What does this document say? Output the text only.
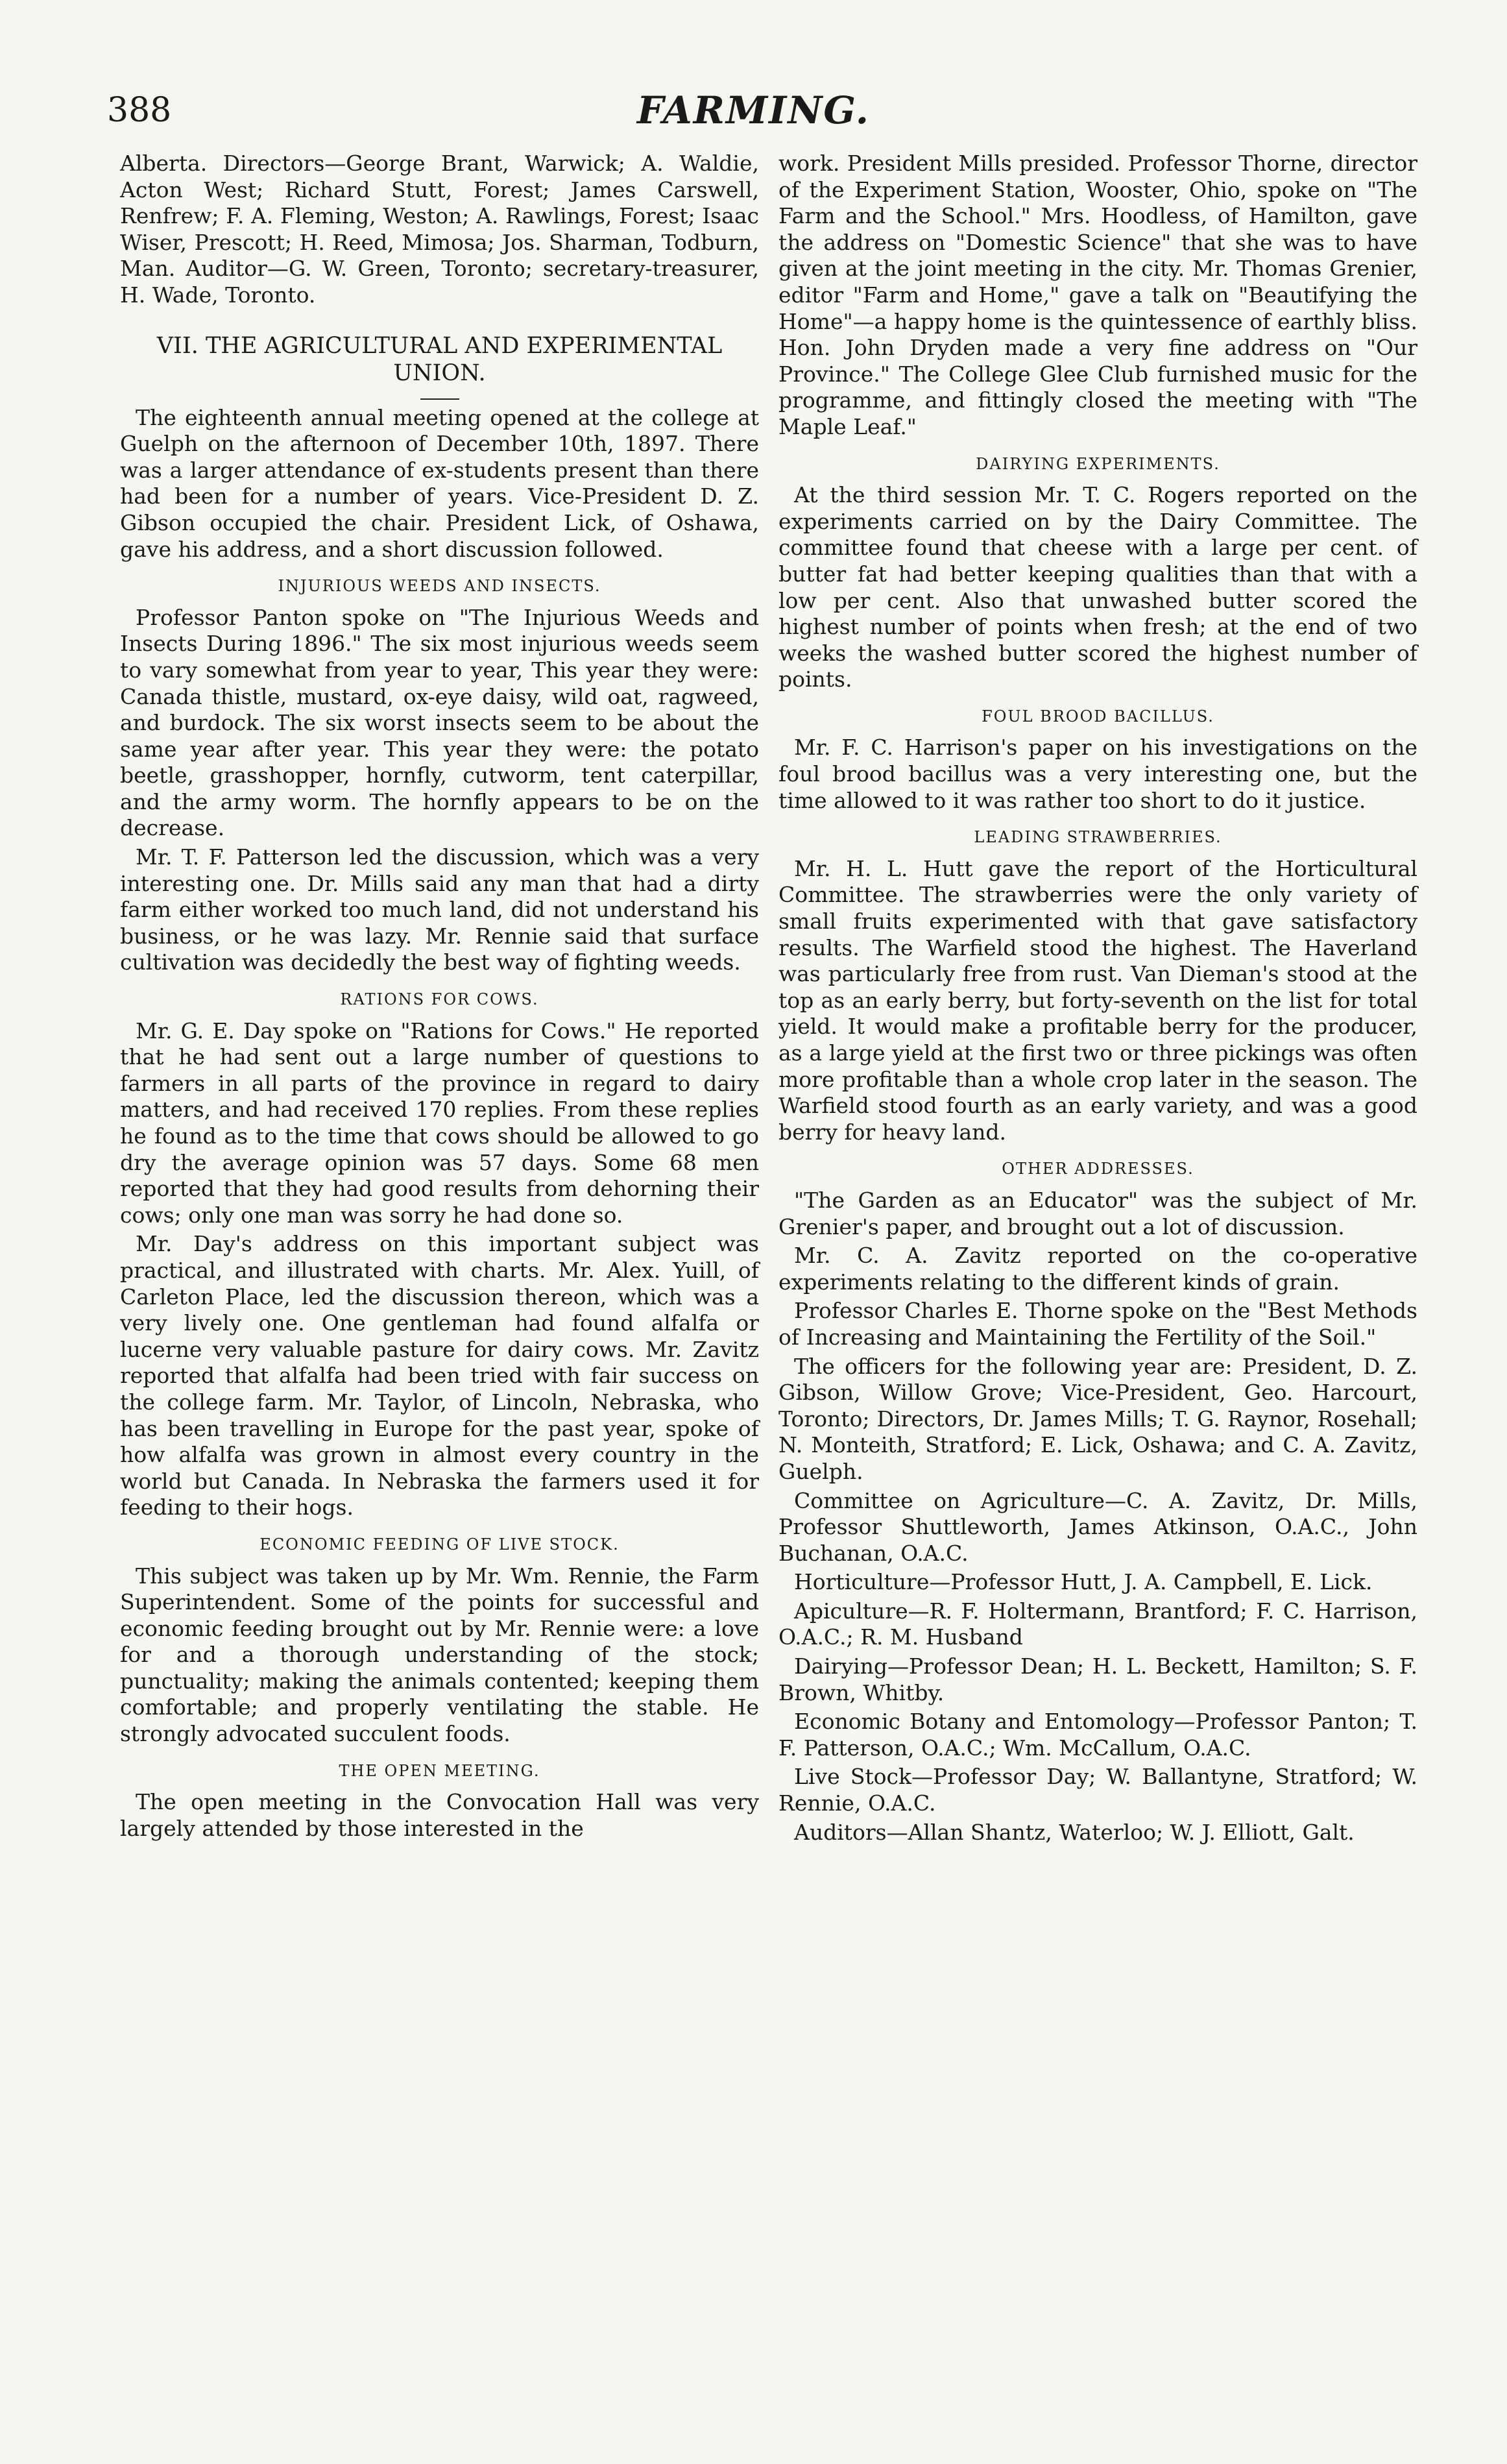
388	FARMING.

Alberta. Directors—George Brant, Warwick; A. Waldie, Acton West; Richard Stutt, Forest; James Carswell, Renfrew; F. A. Fleming, Weston; A. Rawlings, Forest; Isaac Wiser, Prescott; H. Reed, Mimosa; Jos. Sharman, Todburn, Man. Auditor—G. W. Green, Toronto; secretary-treasurer, H. Wade, Toronto.

VII. THE AGRICULTURAL AND EXPERIMENTAL UNION.

The eighteenth annual meeting opened at the college at Guelph on the afternoon of December 10th, 1897. There was a larger attendance of ex-students present than there had been for a number of years. Vice-President D. Z. Gibson occupied the chair. President Lick, of Oshawa, gave his address, and a short discussion followed.

INJURIOUS WEEDS AND INSECTS.

Professor Panton spoke on "The Injurious Weeds and Insects During 1896." The six most injurious weeds seem to vary somewhat from year to year, This year they were: Canada thistle, mustard, ox-eye daisy, wild oat, ragweed, and burdock. The six worst insects seem to be about the same year after year. This year they were: the potato beetle, grasshopper, hornfly, cutworm, tent caterpillar, and the army worm. The hornfly appears to be on the decrease.

Mr. T. F. Patterson led the discussion, which was a very interesting one. Dr. Mills said any man that had a dirty farm either worked too much land, did not understand his business, or he was lazy. Mr. Rennie said that surface cultivation was decidedly the best way of fighting weeds.

RATIONS FOR COWS.

Mr. G. E. Day spoke on "Rations for Cows." He reported that he had sent out a large number of questions to farmers in all parts of the province in regard to dairy matters, and had received 170 replies. From these replies he found as to the time that cows should be allowed to go dry the average opinion was 57 days. Some 68 men reported that they had good results from dehorning their cows; only one man was sorry he had done so.

Mr. Day's address on this important subject was practical, and illustrated with charts. Mr. Alex. Yuill, of Carleton Place, led the discussion thereon, which was a very lively one. One gentleman had found alfalfa or lucerne very valuable pasture for dairy cows. Mr. Zavitz reported that alfalfa had been tried with fair success on the college farm. Mr. Taylor, of Lincoln, Nebraska, who has been travelling in Europe for the past year, spoke of how alfalfa was grown in almost every country in the world but Canada. In Nebraska the farmers used it for feeding to their hogs.

ECONOMIC FEEDING OF LIVE STOCK.

This subject was taken up by Mr. Wm. Rennie, the Farm Superintendent. Some of the points for successful and economic feeding brought out by Mr. Rennie were: a love for and a thorough understanding of the stock; punctuality; making the animals contented; keeping them comfortable; and properly ventilating the stable. He strongly advocated succulent foods.

THE OPEN MEETING.

The open meeting in the Convocation Hall was very largely attended by those interested in the

work. President Mills presided. Professor Thorne, director of the Experiment Station, Wooster, Ohio, spoke on "The Farm and the School." Mrs. Hoodless, of Hamilton, gave the address on "Domestic Science" that she was to have given at the joint meeting in the city. Mr. Thomas Grenier, editor "Farm and Home," gave a talk on "Beautifying the Home"—a happy home is the quintessence of earthly bliss. Hon. John Dryden made a very fine address on "Our Province." The College Glee Club furnished music for the programme, and fittingly closed the meeting with "The Maple Leaf."

DAIRYING EXPERIMENTS.

At the third session Mr. T. C. Rogers reported on the experiments carried on by the Dairy Committee. The committee found that cheese with a large per cent. of butter fat had better keeping qualities than that with a low per cent. Also that unwashed butter scored the highest number of points when fresh; at the end of two weeks the washed butter scored the highest number of points.

FOUL BROOD BACILLUS.

Mr. F. C. Harrison's paper on his investigations on the foul brood bacillus was a very interesting one, but the time allowed to it was rather too short to do it justice.

LEADING STRAWBERRIES.

Mr. H. L. Hutt gave the report of the Horticultural Committee. The strawberries were the only variety of small fruits experimented with that gave satisfactory results. The Warfield stood the highest. The Haverland was particularly free from rust. Van Dieman's stood at the top as an early berry, but forty-seventh on the list for total yield. It would make a profitable berry for the producer, as a large yield at the first two or three pickings was often more profitable than a whole crop later in the season. The Warfield stood fourth as an early variety, and was a good berry for heavy land.

OTHER ADDRESSES.

"The Garden as an Educator" was the subject of Mr. Grenier's paper, and brought out a lot of discussion.

Mr. C. A. Zavitz reported on the co-operative experiments relating to the different kinds of grain.

Professor Charles E. Thorne spoke on the "Best Methods of Increasing and Maintaining the Fertility of the Soil."

The officers for the following year are: President, D. Z. Gibson, Willow Grove; Vice-President, Geo. Harcourt, Toronto; Directors, Dr. James Mills; T. G. Raynor, Rosehall; N. Monteith, Stratford; E. Lick, Oshawa; and C. A. Zavitz, Guelph.

Committee on Agriculture—C. A. Zavitz, Dr. Mills, Professor Shuttleworth, James Atkinson, O.A.C., John Buchanan, O.A.C.

Horticulture—Professor Hutt, J. A. Campbell, E. Lick.

Apiculture—R. F. Holtermann, Brantford; F. C. Harrison, O.A.C.; R. M. Husband

Dairying—Professor Dean; H. L. Beckett, Hamilton; S. F. Brown, Whitby.

Economic Botany and Entomology—Professor Panton; T. F. Patterson, O.A.C.; Wm. McCallum, O.A.C.

Live Stock—Professor Day; W. Ballantyne, Stratford; W. Rennie, O.A.C.

Auditors—Allan Shantz, Waterloo; W. J. Elliott, Galt.
